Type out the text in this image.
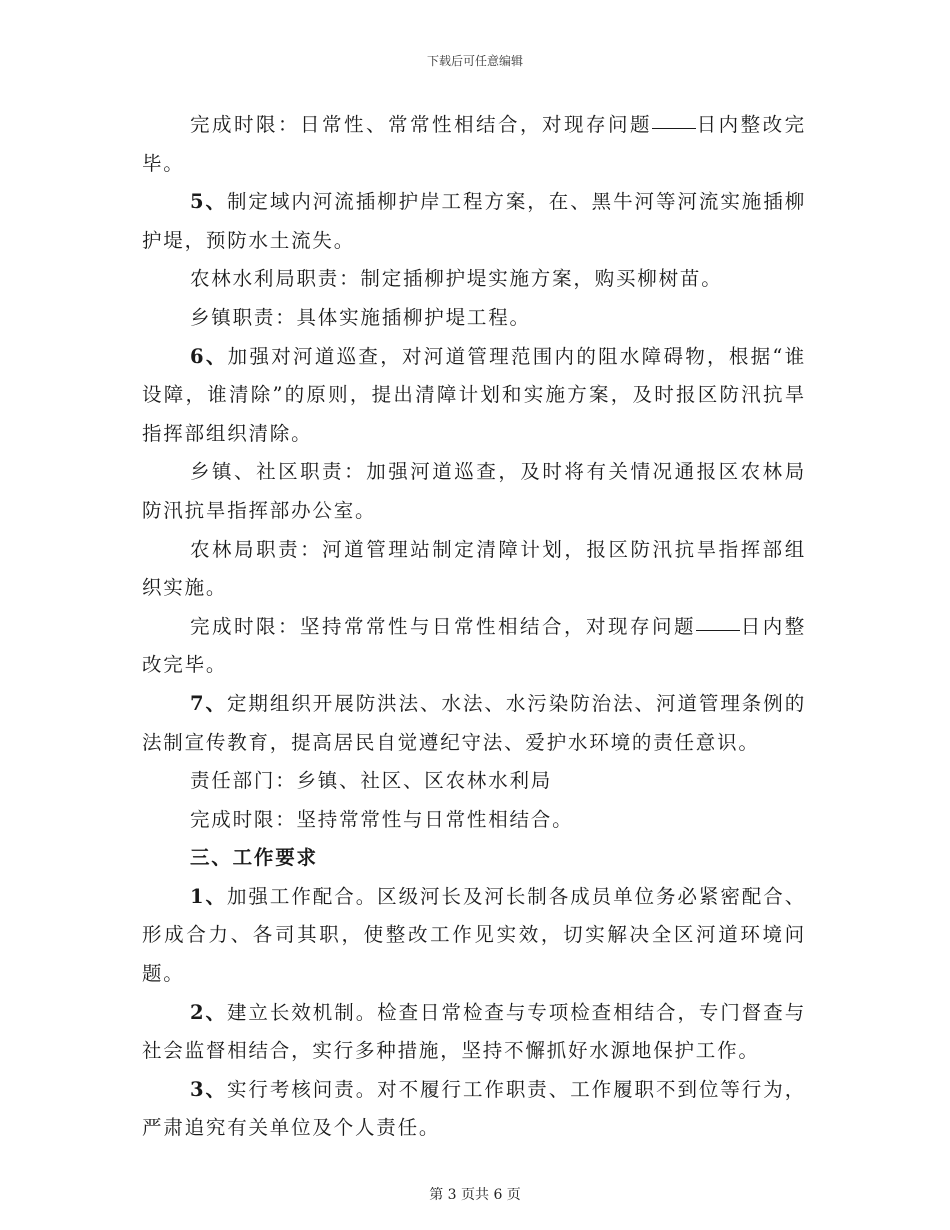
下载后可任意编辑

完成时限：日常性、常常性相结合，对现存问题 日内整改完毕。

5、制定域内河流插柳护岸工程方案，在、黑牛河等河流实施插柳护堤，预防水土流失。

农林水利局职责：制定插柳护堤实施方案，购买柳树苗。

乡镇职责：具体实施插柳护堤工程。

6、加强对河道巡查，对河道管理范围内的阻水障碍物，根据“谁设障，谁清除”的原则，提出清障计划和实施方案，及时报区防汛抗旱指挥部组织清除。

乡镇、社区职责：加强河道巡查，及时将有关情况通报区农林局防汛抗旱指挥部办公室。

农林局职责：河道管理站制定清障计划，报区防汛抗旱指挥部组织实施。

完成时限：坚持常常性与日常性相结合，对现存问题 日内整改完毕。

7、定期组织开展防洪法、水法、水污染防治法、河道管理条例的法制宣传教育，提高居民自觉遵纪守法、爱护水环境的责任意识。

责任部门：乡镇、社区、区农林水利局

完成时限：坚持常常性与日常性相结合。

三、工作要求

1、加强工作配合。区级河长及河长制各成员单位务必紧密配合、形成合力、各司其职，使整改工作见实效，切实解决全区河道环境问题。

2、建立长效机制。检查日常检查与专项检查相结合，专门督查与社会监督相结合，实行多种措施，坚持不懈抓好水源地保护工作。

3、实行考核问责。对不履行工作职责、工作履职不到位等行为，严肃追究有关单位及个人责任。

第 3 页共 6 页
